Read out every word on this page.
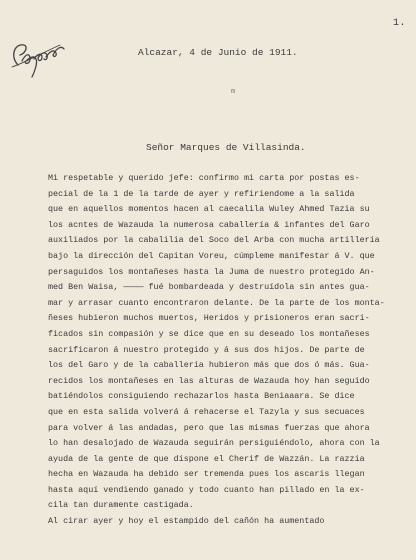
1.
Alcazar, 4 de Junio de 1911.
m
Señor Marques de Villasinda.
Mi respetable y querido jefe: confirmo mi carta por postas es-
pecial de la 1 de la tarde de ayer y refiriendome a la salida
que en aquellos momentos hacen al caecalila Wuley Ahmed Tazia su
los acntes de Wazauda la numerosa caballería & infantes del Garo
auxiliados por la cabalilia del Soco del Arba con mucha artillería
bajo la dirección del Capitan Voreu, cúmpleme manifestar á V. que
persaguidos los montañeses hasta la Juma de nuestro protegido An-
med Ben Waisa, ———— fué bombardeada y destruídola sin antes gua-
mar y arrasar cuanto encontraron delante. De la parte de los monta-
ñeses hubieron muchos muertos, Heridos y prisioneros eran sacri-
ficados sin compasión y se dice que en su deseado los montañeses
sacrificaron á nuestro protegido y á sus dos hijos. De parte de
los del Garo y de la caballería hubieron más que dos ó más. Gua-
recidos los montañeses en las alturas de Wazauda hoy han seguido
batiéndolos consiguiendo rechazarlos hasta Beniaaara. Se dice
que en esta salida volverá á rehacerse el Tazyla y sus secuaces
para volver á las andadas, pero que las mismas fuerzas que ahora
lo han desalojado de Wazauda seguirán persiguiéndolo, ahora con la
ayuda de la gente de que dispone el Cherif de Wazzán. La razzia
hecha en Wazauda ha debido ser tremenda pues los ascaris llegan
hasta aquí vendiendo ganado y todo cuanto han pillado en la ex-
cila tan duramente castigada.
Al cirar ayer y hoy el estampido del cañón ha aumentado
